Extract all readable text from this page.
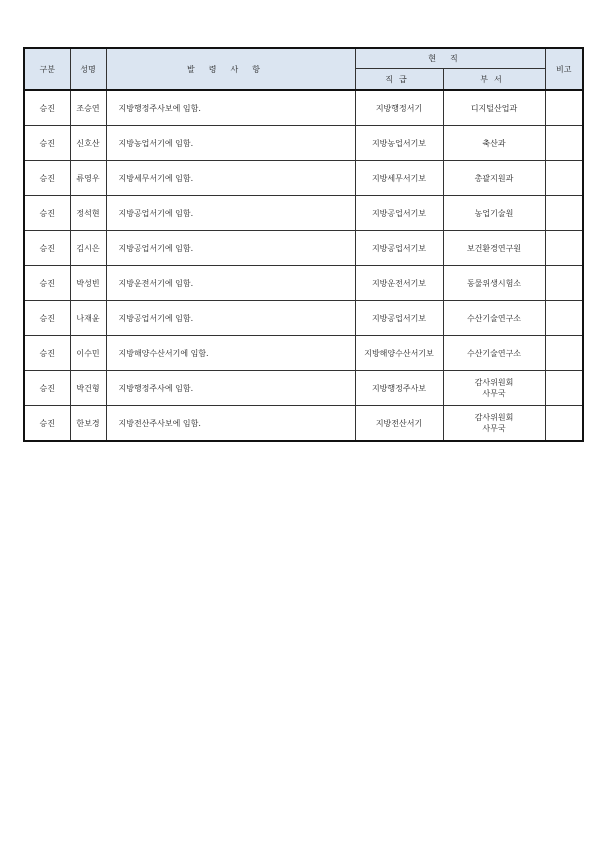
구분	성명	발령사항	현직		비고
			직급	부서	
승진	조승연	지방행정주사보에 임함.	지방행정서기	디지털산업과	
승진	신호산	지방농업서기에 임함.	지방농업서기보	축산과	
승진	류영우	지방세무서기에 임함.	지방세무서기보	총괄지원과	
승진	정석현	지방공업서기에 임함.	지방공업서기보	농업기술원	
승진	김시은	지방공업서기에 임함.	지방공업서기보	보건환경연구원	
승진	박성빈	지방운전서기에 임함.	지방운전서기보	동물위생시험소	
승진	나재윤	지방공업서기에 임함.	지방공업서기보	수산기술연구소	
승진	이수민	지방해양수산서기에 임함.	지방해양수산서기보	수산기술연구소	
승진	박건형	지방행정주사에 임함.	지방행정주사보	감사위원회
사무국	
승진	한보경	지방전산주사보에 임함.	지방전산서기	감사위원회
사무국	
